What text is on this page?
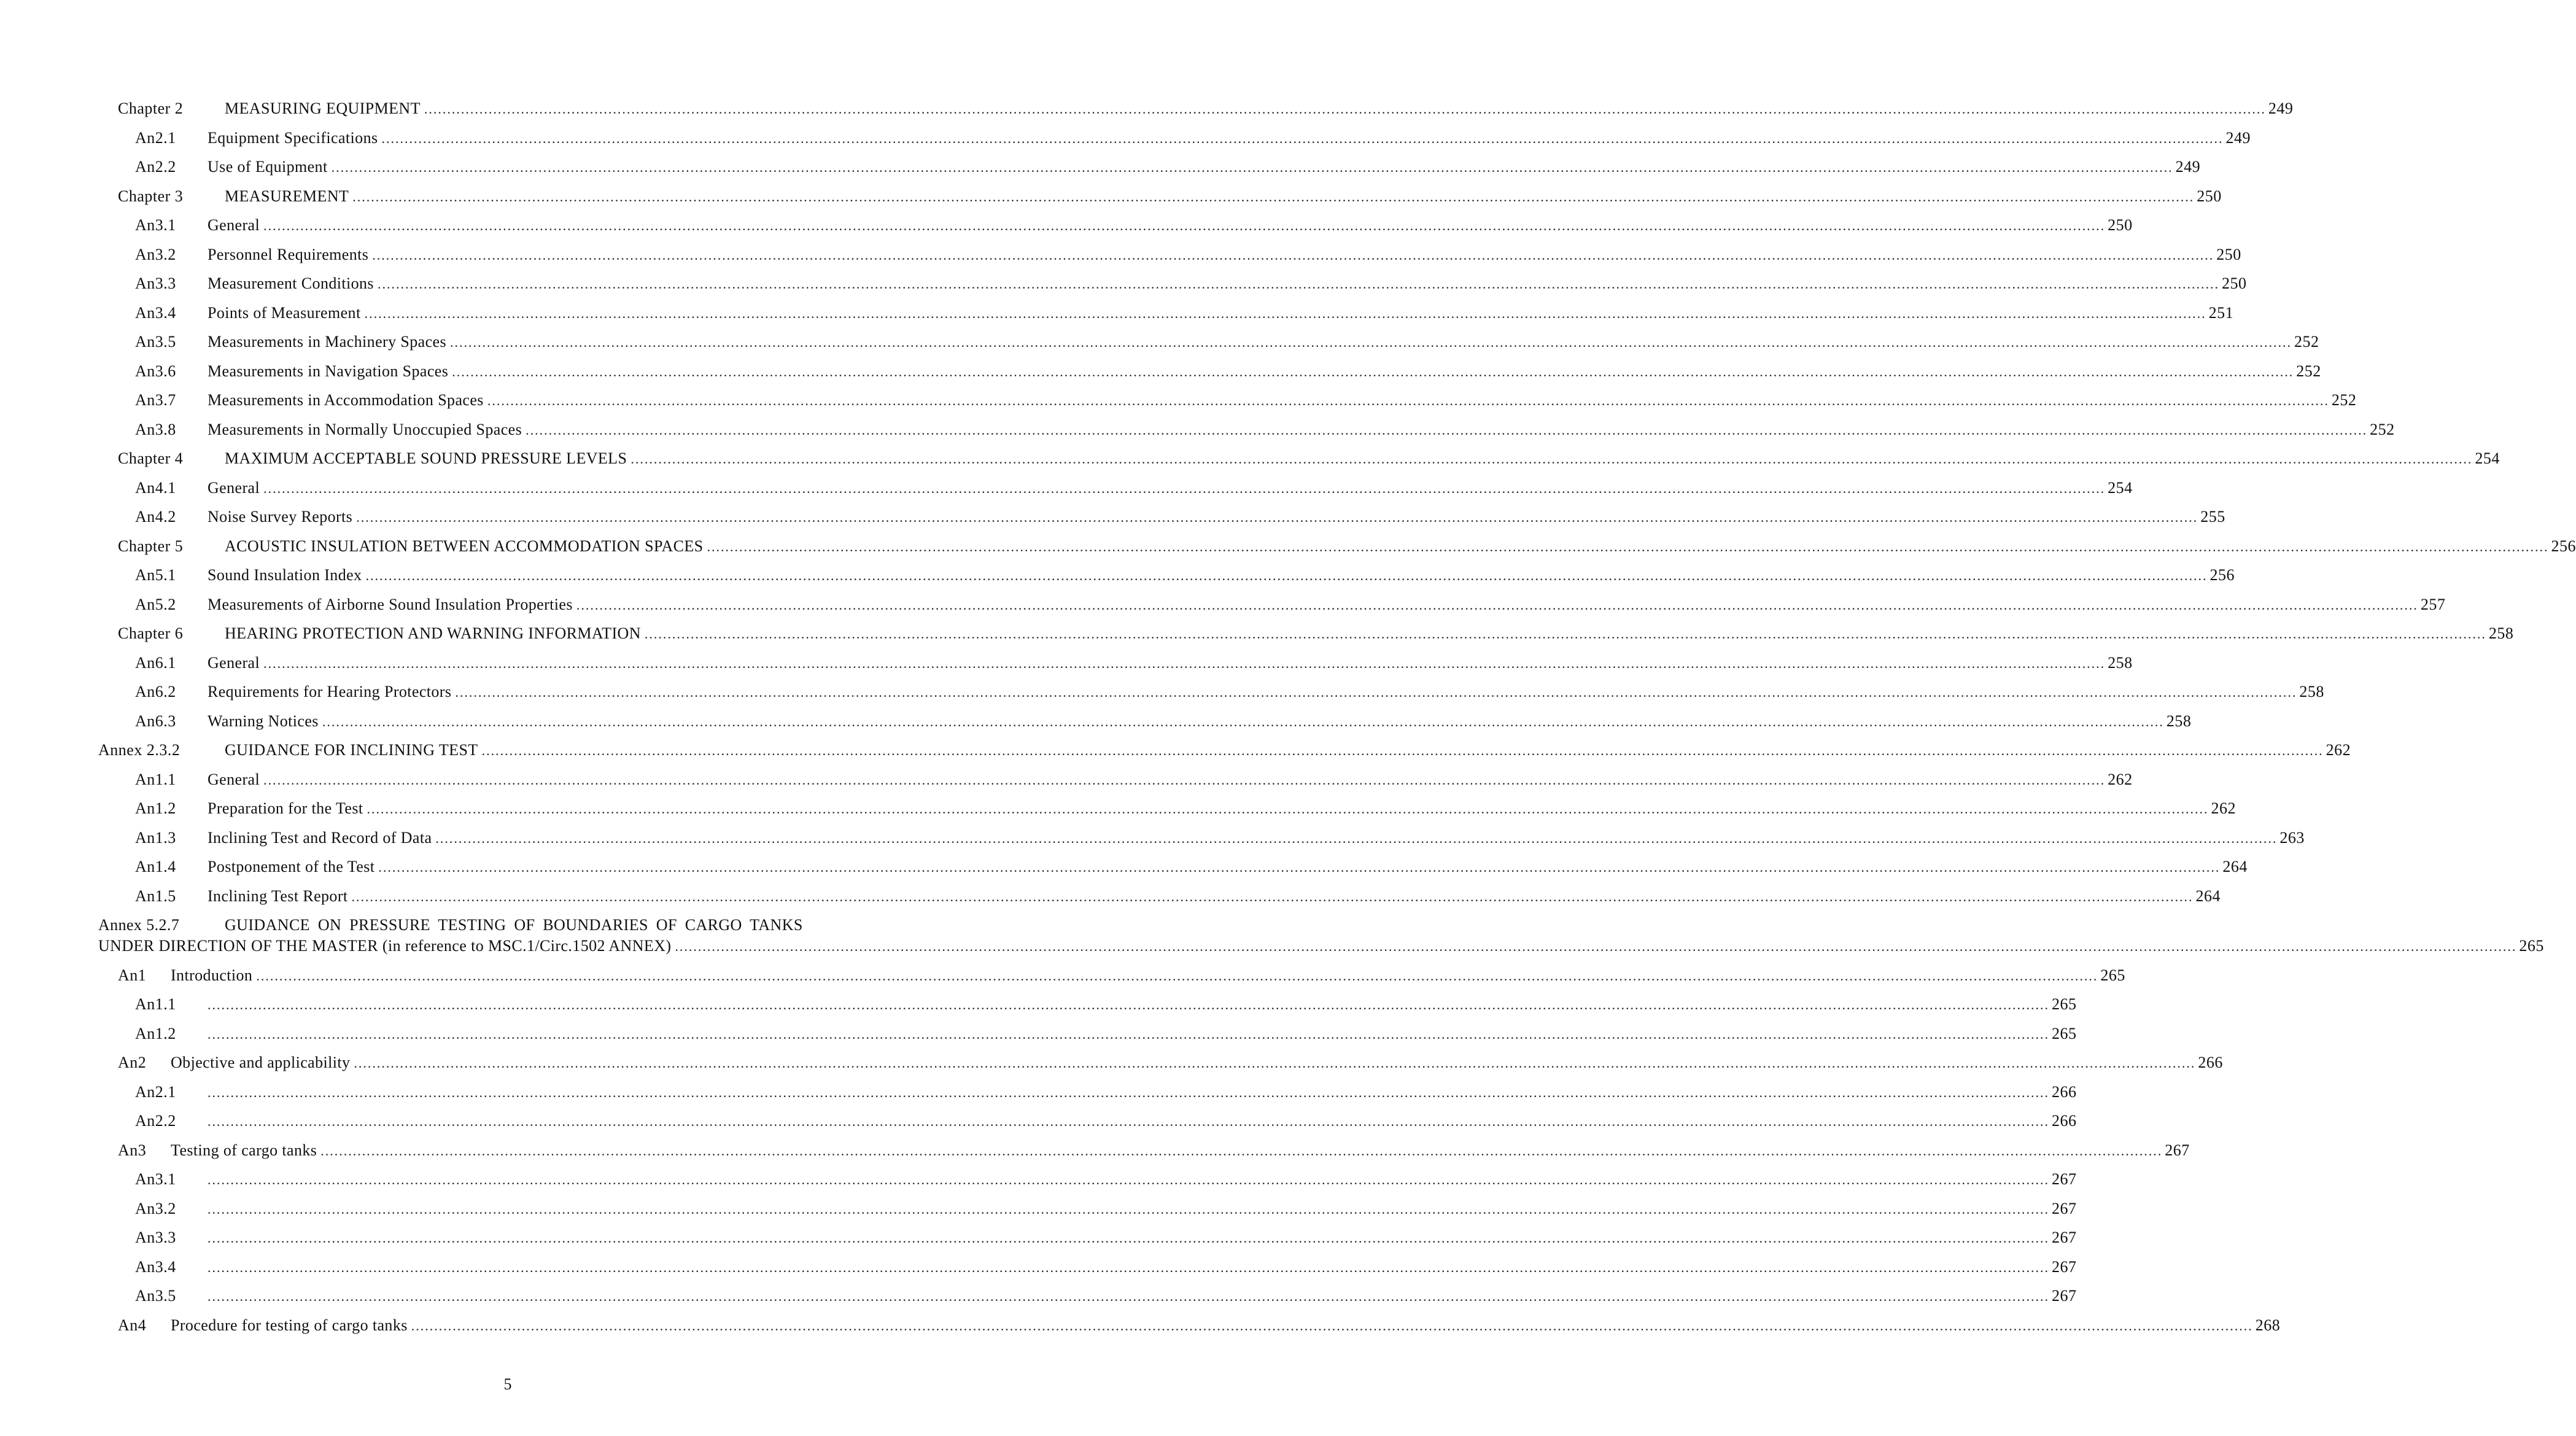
Chapter 2	MEASURING EQUIPMENT ................................................................................................................................................................................................................................................................................................................................................................................................................ 249
An2.1	Equipment Specifications ................................................................................................................................................................................................................................................................................................................................................................................................................ 249
An2.2	Use of Equipment ................................................................................................................................................................................................................................................................................................................................................................................................................ 249
Chapter 3	MEASUREMENT ................................................................................................................................................................................................................................................................................................................................................................................................................ 250
An3.1	General ................................................................................................................................................................................................................................................................................................................................................................................................................ 250
An3.2	Personnel Requirements ................................................................................................................................................................................................................................................................................................................................................................................................................ 250
An3.3	Measurement Conditions ................................................................................................................................................................................................................................................................................................................................................................................................................ 250
An3.4	Points of Measurement ................................................................................................................................................................................................................................................................................................................................................................................................................ 251
An3.5	Measurements in Machinery Spaces ................................................................................................................................................................................................................................................................................................................................................................................................................ 252
An3.6	Measurements in Navigation Spaces ................................................................................................................................................................................................................................................................................................................................................................................................................ 252
An3.7	Measurements in Accommodation Spaces ................................................................................................................................................................................................................................................................................................................................................................................................................ 252
An3.8	Measurements in Normally Unoccupied Spaces ................................................................................................................................................................................................................................................................................................................................................................................................................ 252
Chapter 4	MAXIMUM ACCEPTABLE SOUND PRESSURE LEVELS ................................................................................................................................................................................................................................................................................................................................................................................................................ 254
An4.1	General ................................................................................................................................................................................................................................................................................................................................................................................................................ 254
An4.2	Noise Survey Reports ................................................................................................................................................................................................................................................................................................................................................................................................................ 255
Chapter 5	ACOUSTIC INSULATION BETWEEN ACCOMMODATION SPACES ................................................................................................................................................................................................................................................................................................................................................................................................................ 256
An5.1	Sound Insulation Index ................................................................................................................................................................................................................................................................................................................................................................................................................ 256
An5.2	Measurements of Airborne Sound Insulation Properties ................................................................................................................................................................................................................................................................................................................................................................................................................ 257
Chapter 6	HEARING PROTECTION AND WARNING INFORMATION ................................................................................................................................................................................................................................................................................................................................................................................................................ 258
An6.1	General ................................................................................................................................................................................................................................................................................................................................................................................................................ 258
An6.2	Requirements for Hearing Protectors ................................................................................................................................................................................................................................................................................................................................................................................................................ 258
An6.3	Warning Notices ................................................................................................................................................................................................................................................................................................................................................................................................................ 258
Annex 2.3.2	GUIDANCE FOR INCLINING TEST ................................................................................................................................................................................................................................................................................................................................................................................................................ 262
An1.1	General ................................................................................................................................................................................................................................................................................................................................................................................................................ 262
An1.2	Preparation for the Test ................................................................................................................................................................................................................................................................................................................................................................................................................ 262
An1.3	Inclining Test and Record of Data ................................................................................................................................................................................................................................................................................................................................................................................................................ 263
An1.4	Postponement of the Test ................................................................................................................................................................................................................................................................................................................................................................................................................ 264
An1.5	Inclining Test Report ................................................................................................................................................................................................................................................................................................................................................................................................................ 264
Annex 5.2.7	GUIDANCE ON PRESSURE TESTING OF BOUNDARIES OF CARGO TANKS
UNDER DIRECTION OF THE MASTER (in reference to MSC.1/Circ.1502 ANNEX) ................................................................................................................................................................................................................................................................................................................................................................................................................ 265
An1	Introduction ................................................................................................................................................................................................................................................................................................................................................................................................................ 265
An1.1	................................................................................................................................................................................................................................................................................................................................................................................................................ 265
An1.2	................................................................................................................................................................................................................................................................................................................................................................................................................ 265
An2	Objective and applicability ................................................................................................................................................................................................................................................................................................................................................................................................................ 266
An2.1	................................................................................................................................................................................................................................................................................................................................................................................................................ 266
An2.2	................................................................................................................................................................................................................................................................................................................................................................................................................ 266
An3	Testing of cargo tanks ................................................................................................................................................................................................................................................................................................................................................................................................................ 267
An3.1	................................................................................................................................................................................................................................................................................................................................................................................................................ 267
An3.2	................................................................................................................................................................................................................................................................................................................................................................................................................ 267
An3.3	................................................................................................................................................................................................................................................................................................................................................................................................................ 267
An3.4	................................................................................................................................................................................................................................................................................................................................................................................................................ 267
An3.5	................................................................................................................................................................................................................................................................................................................................................................................................................ 267
An4	Procedure for testing of cargo tanks ................................................................................................................................................................................................................................................................................................................................................................................................................ 268
5
